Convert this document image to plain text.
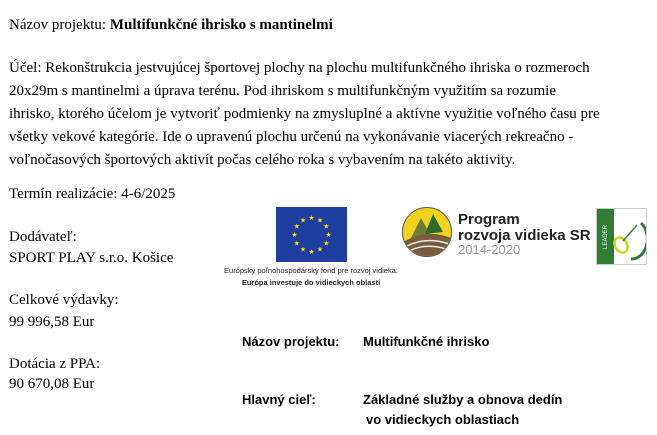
Názov projektu: Multifunkčné ihrisko s mantinelmi
Účel: Rekonštrukcia jestvujúcej športovej plochy na plochu multifunkčného ihriska o rozmeroch
20x29m s mantinelmi a úprava terénu. Pod ihriskom s multifunkčným využitím sa rozumie
ihrisko, ktorého účelom je vytvoriť podmienky na zmysluplné a aktívne využitie voľného času pre
všetky vekové kategórie. Ide o upravenú plochu určenú na vykonávanie viacerých rekreačno -
voľnočasových športových aktivít počas celého roka s vybavením na takéto aktivity.
Termín realizácie: 4-6/2025
Dodávateľ:
SPORT PLAY s.r.o. Košice
Celkové výdavky:
99 996,58 Eur
Dotácia z PPA:
90 670,08 Eur
★ ★
★
★
★
★
★
★
★
★
★
★
Európsky poľnohospodársky fond pre rozvoj vidieka:
Európa investuje do vidieckych oblastí
Program
rozvoja vidieka SR
2014-2020
LEADER
Názov projektu: Multifunkčné ihrisko
Hlavný cieľ:	Základné služby a obnova dedín
vo vidieckych oblastiach
